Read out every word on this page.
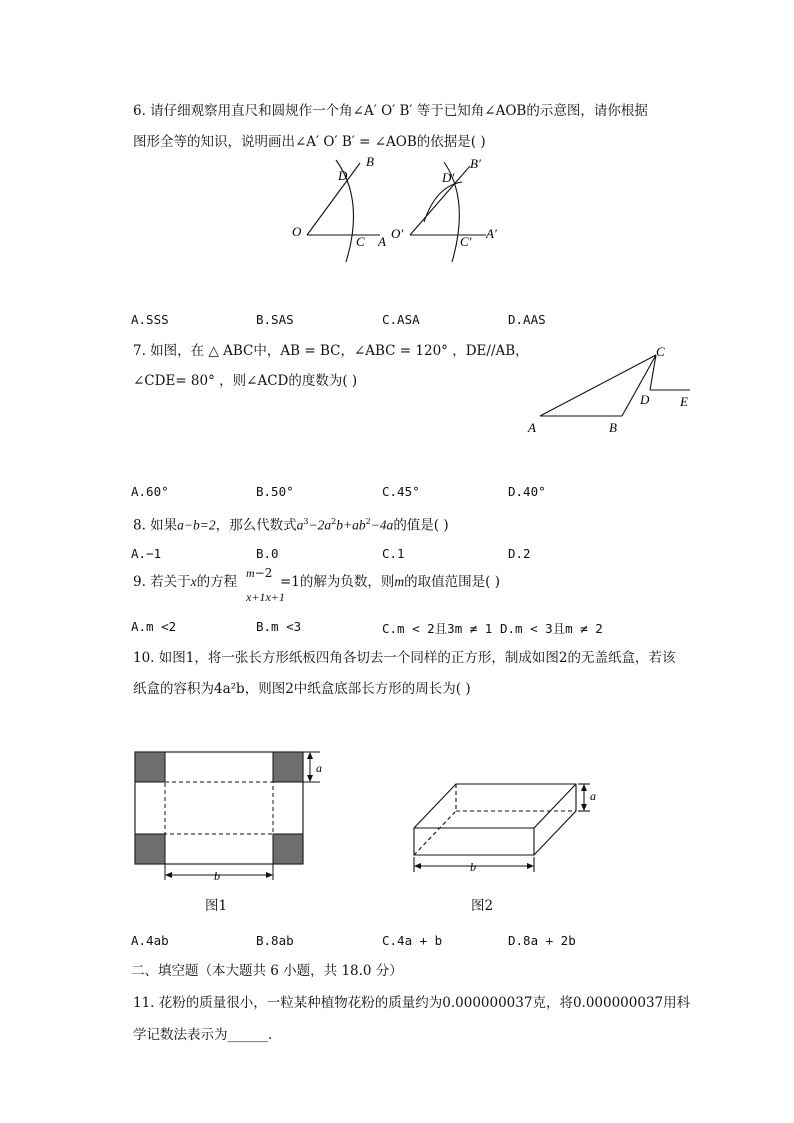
6. 请仔细观察用直尺和圆规作一个角∠A′ O′ B′ 等于已知角∠AOB的示意图，请你根据
图形全等的知识，说明画出∠A′ O′ B′ = ∠AOB的依据是( )
O
A
B
C
D
O′	A′
B′
C′
D′
A	B
C
D E
a
b
a
b
A.SSS	B.SAS	C.ASA	D.AAS
7. 如图，在 △ ABC中，AB = BC，∠ABC = 120° ，DE//AB，
∠CDE= 80° ，则∠ACD的度数为( )
A.60°	B.50°	C.45°	D.40°
8. 如果a−b=2，那么代数式$a^3-2a^2b+ab^2-4a$的值是( )
A.−1	B.0	C.1	D.2
9. 若关于x的方程
m−2
x+1x+1
=1的解为负数，则m的取值范围是( )
A.m <2	B.m <3	C.m < 2且3m ≠ 1 D.m < 3且m ≠ 2
10. 如图1，将一张长方形纸板四角各切去一个同样的正方形，制成如图2的无盖纸盒，若该
纸盒的容积为4a²b，则图2中纸盒底部长方形的周长为( )
图1	图2
A.4ab	B.8ab	C.4a + b	D.8a + 2b
二、填空题（本大题共 6 小题，共 18.0 分）
11. 花粉的质量很小，一粒某种植物花粉的质量约为0.000000037克，将0.000000037用科
学记数法表示为______.
